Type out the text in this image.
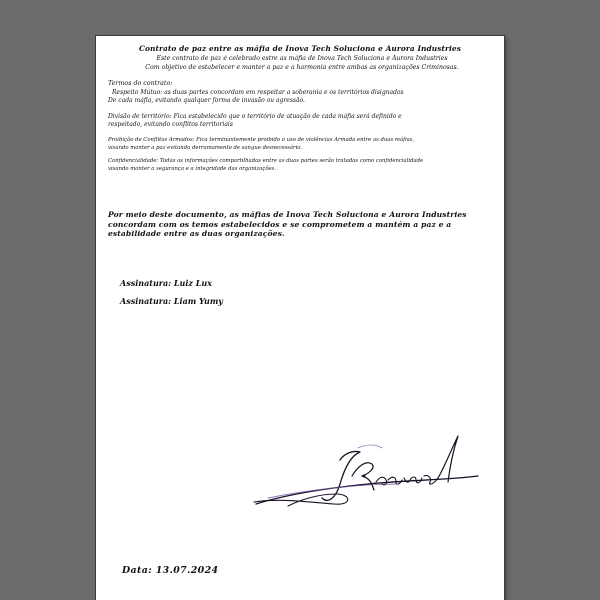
Contrato de paz entre as máfia de Inova Tech Soluciona e Aurora Industries
Este contrato de paz é celebrado estre as máfia de Inova Tech Soluciona e Aurora Industries
Com objetivo de estabelecer e manter a paz e a harmonia entre ambas as organizações Criminosas.
Termos do contrato:
Respeito Mútuo: as duas partes concordam em respeitar a soberania e os territórios disignados
De cada máfia, evitando qualquer forma de invasão ou agressão.
Divisão de território: Fica estabelecido que o território de atuação de cada máfia será definido e
respeitado, evitando conflitos territoriais
Proibição de Conflitos Armados: Fica terminantemente proibido o uso de violências Armada entre as duas máfias,
visando manter a paz evitando derramamento de sangue desnecessário.
Confidencialidade: Todas as informações compartilhadas entre as duas partes serão tratadas como confidencialidade
visando manter a segurança e a integridade das organizações.
Por meio deste documento, as máfias de Inova Tech Soluciona e Aurora Industries
concordam com os temos estabelecidos e se comprometem a mantém a paz e a
estabilidade entre as duas organizações.
Assinatura: Luiz Lux
Assinatura: Liam Yumy
Data: 13.07.2024
